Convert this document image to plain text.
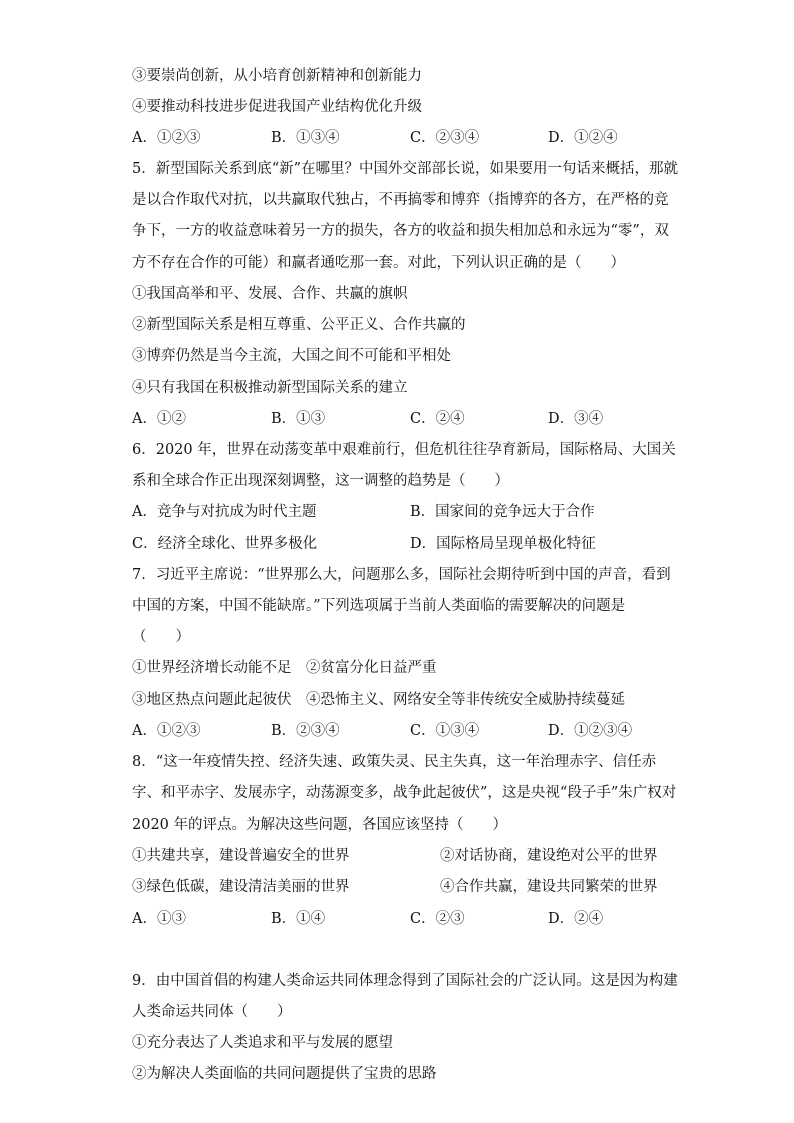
③要崇尚创新，从小培育创新精神和创新能力
④要推动科技进步促进我国产业结构优化升级
5．新型国际关系到底“新”在哪里？中国外交部部长说，如果要用一句话来概括，那就
是以合作取代对抗，以共赢取代独占，不再搞零和博弈（指博弈的各方，在严格的竞
争下，一方的收益意味着另一方的损失，各方的收益和损失相加总和永远为“零”，双
方不存在合作的可能）和赢者通吃那一套。对此，下列认识正确的是（　　）
①我国高举和平、发展、合作、共赢的旗帜
②新型国际关系是相互尊重、公平正义、合作共赢的
③博弈仍然是当今主流，大国之间不可能和平相处
④只有我国在积极推动新型国际关系的建立
6．2020 年，世界在动荡变革中艰难前行，但危机往往孕育新局，国际格局、大国关
系和全球合作正出现深刻调整，这一调整的趋势是（　　）
7．习近平主席说：“世界那么大，问题那么多，国际社会期待听到中国的声音，看到
中国的方案，中国不能缺席。”下列选项属于当前人类面临的需要解决的问题是
（　　）
①世界经济增长动能不足　②贫富分化日益严重
③地区热点问题此起彼伏　④恐怖主义、网络安全等非传统安全威胁持续蔓延
8．“这一年疫情失控、经济失速、政策失灵、民主失真，这一年治理赤字、信任赤
字、和平赤字、发展赤字，动荡源变多，战争此起彼伏”，这是央视“段子手”朱广权对
2020 年的评点。为解决这些问题，各国应该坚持（　　）
9．由中国首倡的构建人类命运共同体理念得到了国际社会的广泛认同。这是因为构建
人类命运共同体（　　）
①充分表达了人类追求和平与发展的愿望
②为解决人类面临的共同问题提供了宝贵的思路
A．①②③	B．①③④	C．②③④	D．①②④
A．①②	B．①③	C．②④	D．③④
A．竞争与对抗成为时代主题	B．国家间的竞争远大于合作
C．经济全球化、世界多极化	D．国际格局呈现单极化特征
A．①②③	B．②③④	C．①③④	D．①②③④
①共建共享，建设普遍安全的世界	②对话协商，建设绝对公平的世界
③绿色低碳，建设清洁美丽的世界	④合作共赢，建设共同繁荣的世界
A．①③	B．①④	C．②③	D．②④
